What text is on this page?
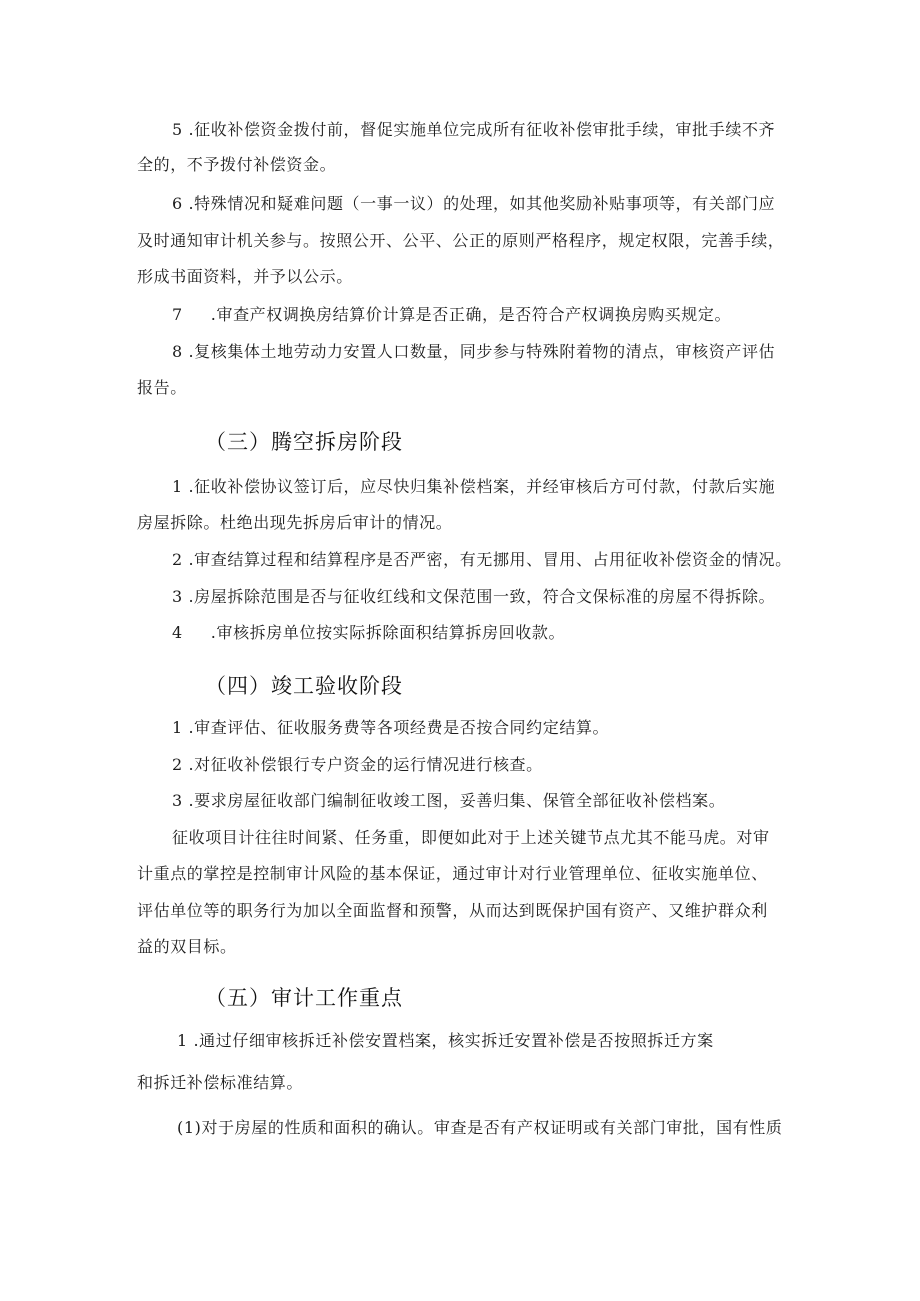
5 .征收补偿资金拨付前，督促实施单位完成所有征收补偿审批手续，审批手续不齐
全的，不予拨付补偿资金。
6 .特殊情况和疑难问题（一事一议）的处理，如其他奖励补贴事项等，有关部门应
及时通知审计机关参与。按照公开、公平、公正的原则严格程序，规定权限，完善手续，
形成书面资料，并予以公示。
7 .审查产权调换房结算价计算是否正确，是否符合产权调换房购买规定。
8 .复核集体土地劳动力安置人口数量，同步参与特殊附着物的清点，审核资产评估
报告。
（三）腾空拆房阶段
1 .征收补偿协议签订后，应尽快归集补偿档案，并经审核后方可付款，付款后实施
房屋拆除。杜绝出现先拆房后审计的情况。
2 .审查结算过程和结算程序是否严密，有无挪用、冒用、占用征收补偿资金的情况。
3 .房屋拆除范围是否与征收红线和文保范围一致，符合文保标准的房屋不得拆除。
4 .审核拆房单位按实际拆除面积结算拆房回收款。
（四）竣工验收阶段
1 .审查评估、征收服务费等各项经费是否按合同约定结算。
2 .对征收补偿银行专户资金的运行情况进行核查。
3 .要求房屋征收部门编制征收竣工图，妥善归集、保管全部征收补偿档案。
征收项目计往往时间紧、任务重，即便如此对于上述关键节点尤其不能马虎。对审
计重点的掌控是控制审计风险的基本保证，通过审计对行业管理单位、征收实施单位、
评估单位等的职务行为加以全面监督和预警，从而达到既保护国有资产、又维护群众利
益的双目标。
（五）审计工作重点
1 .通过仔细审核拆迁补偿安置档案，核实拆迁安置补偿是否按照拆迁方案
和拆迁补偿标准结算。
(1)对于房屋的性质和面积的确认。审查是否有产权证明或有关部门审批，国有性质
